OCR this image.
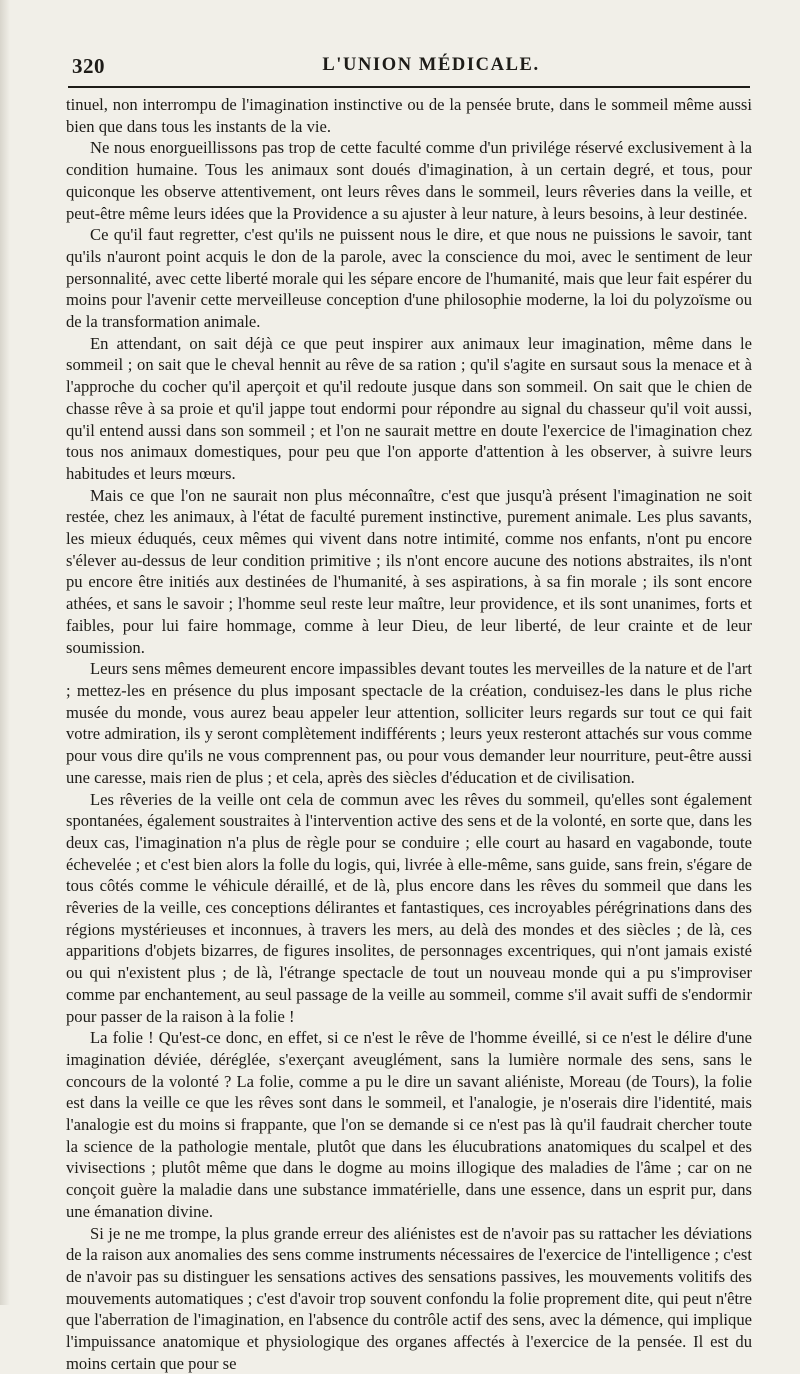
320	L'UNION MÉDICALE.

tinuel, non interrompu de l'imagination instinctive ou de la pensée brute, dans le sommeil même aussi bien que dans tous les instants de la vie.

Ne nous enorgueillissons pas trop de cette faculté comme d'un privilége réservé exclusivement à la condition humaine. Tous les animaux sont doués d'imagination, à un certain degré, et tous, pour quiconque les observe attentivement, ont leurs rêves dans le sommeil, leurs rêveries dans la veille, et peut-être même leurs idées que la Providence a su ajuster à leur nature, à leurs besoins, à leur destinée.

Ce qu'il faut regretter, c'est qu'ils ne puissent nous le dire, et que nous ne puissions le savoir, tant qu'ils n'auront point acquis le don de la parole, avec la conscience du moi, avec le sentiment de leur personnalité, avec cette liberté morale qui les sépare encore de l'humanité, mais que leur fait espérer du moins pour l'avenir cette merveilleuse conception d'une philosophie moderne, la loi du polyzoïsme ou de la transformation animale.

En attendant, on sait déjà ce que peut inspirer aux animaux leur imagination, même dans le sommeil ; on sait que le cheval hennit au rêve de sa ration ; qu'il s'agite en sursaut sous la menace et à l'approche du cocher qu'il aperçoit et qu'il redoute jusque dans son sommeil. On sait que le chien de chasse rêve à sa proie et qu'il jappe tout endormi pour répondre au signal du chasseur qu'il voit aussi, qu'il entend aussi dans son sommeil ; et l'on ne saurait mettre en doute l'exercice de l'imagination chez tous nos animaux domestiques, pour peu que l'on apporte d'attention à les observer, à suivre leurs habitudes et leurs mœurs.

Mais ce que l'on ne saurait non plus méconnaître, c'est que jusqu'à présent l'imagination ne soit restée, chez les animaux, à l'état de faculté purement instinctive, purement animale. Les plus savants, les mieux éduqués, ceux mêmes qui vivent dans notre intimité, comme nos enfants, n'ont pu encore s'élever au-dessus de leur condition primitive ; ils n'ont encore aucune des notions abstraites, ils n'ont pu encore être initiés aux destinées de l'humanité, à ses aspirations, à sa fin morale ; ils sont encore athées, et sans le savoir ; l'homme seul reste leur maître, leur providence, et ils sont unanimes, forts et faibles, pour lui faire hommage, comme à leur Dieu, de leur liberté, de leur crainte et de leur soumission.

Leurs sens mêmes demeurent encore impassibles devant toutes les merveilles de la nature et de l'art ; mettez-les en présence du plus imposant spectacle de la création, conduisez-les dans le plus riche musée du monde, vous aurez beau appeler leur attention, solliciter leurs regards sur tout ce qui fait votre admiration, ils y seront complètement indifférents ; leurs yeux resteront attachés sur vous comme pour vous dire qu'ils ne vous comprennent pas, ou pour vous demander leur nourriture, peut-être aussi une caresse, mais rien de plus ; et cela, après des siècles d'éducation et de civilisation.

Les rêveries de la veille ont cela de commun avec les rêves du sommeil, qu'elles sont également spontanées, également soustraites à l'intervention active des sens et de la volonté, en sorte que, dans les deux cas, l'imagination n'a plus de règle pour se conduire ; elle court au hasard en vagabonde, toute échevelée ; et c'est bien alors la folle du logis, qui, livrée à elle-même, sans guide, sans frein, s'égare de tous côtés comme le véhicule déraillé, et de là, plus encore dans les rêves du sommeil que dans les rêveries de la veille, ces conceptions délirantes et fantastiques, ces incroyables pérégrinations dans des régions mystérieuses et inconnues, à travers les mers, au delà des mondes et des siècles ; de là, ces apparitions d'objets bizarres, de figures insolites, de personnages excentriques, qui n'ont jamais existé ou qui n'existent plus ; de là, l'étrange spectacle de tout un nouveau monde qui a pu s'improviser comme par enchantement, au seul passage de la veille au sommeil, comme s'il avait suffi de s'endormir pour passer de la raison à la folie !

La folie ! Qu'est-ce donc, en effet, si ce n'est le rêve de l'homme éveillé, si ce n'est le délire d'une imagination déviée, déréglée, s'exerçant aveuglément, sans la lumière normale des sens, sans le concours de la volonté ? La folie, comme a pu le dire un savant aliéniste, Moreau (de Tours), la folie est dans la veille ce que les rêves sont dans le sommeil, et l'analogie, je n'oserais dire l'identité, mais l'analogie est du moins si frappante, que l'on se demande si ce n'est pas là qu'il faudrait chercher toute la science de la pathologie mentale, plutôt que dans les élucubrations anatomiques du scalpel et des vivisections ; plutôt même que dans le dogme au moins illogique des maladies de l'âme ; car on ne conçoit guère la maladie dans une substance immatérielle, dans une essence, dans un esprit pur, dans une émanation divine.

Si je ne me trompe, la plus grande erreur des aliénistes est de n'avoir pas su rattacher les déviations de la raison aux anomalies des sens comme instruments nécessaires de l'exercice de l'intelligence ; c'est de n'avoir pas su distinguer les sensations actives des sensations passives, les mouvements volitifs des mouvements automatiques ; c'est d'avoir trop souvent confondu la folie proprement dite, qui peut n'être que l'aberration de l'imagination, en l'absence du contrôle actif des sens, avec la démence, qui implique l'impuissance anatomique et physiologique des organes affectés à l'exercice de la pensée. Il est du moins certain que pour se
